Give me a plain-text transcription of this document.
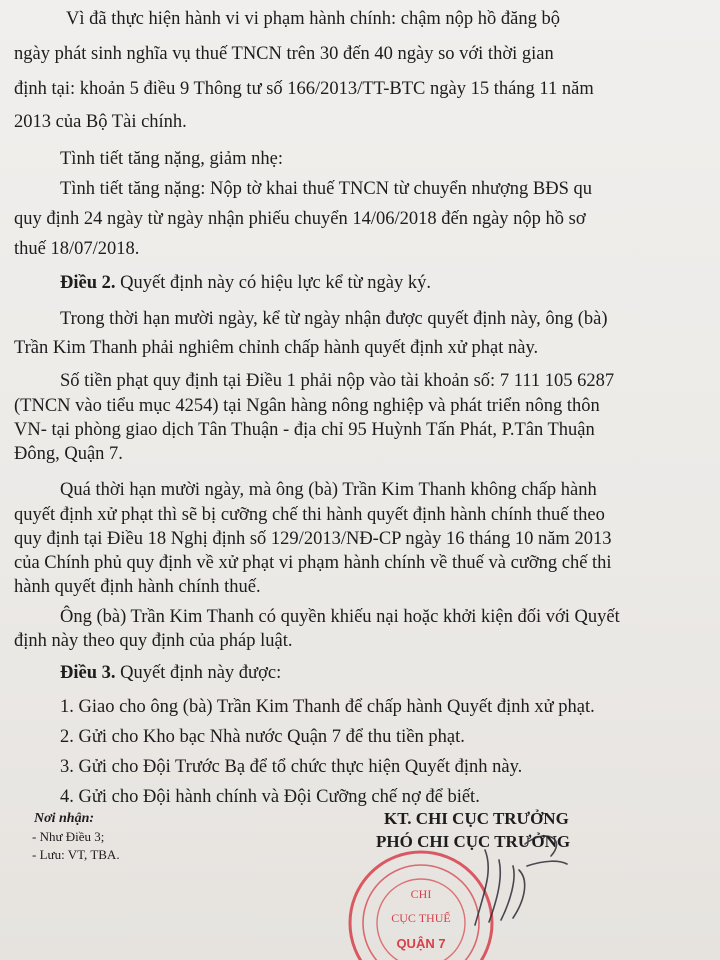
Vì đã thực hiện hành vi vi phạm hành chính: chậm nộp hồ đăng bộ

ngày phát sinh nghĩa vụ thuế TNCN trên 30 đến 40 ngày so với thời gian

định tại: khoản 5 điều 9 Thông tư số 166/2013/TT-BTC ngày 15 tháng 11 năm

2013 của Bộ Tài chính.

Tình tiết tăng nặng, giảm nhẹ:

Tình tiết tăng nặng: Nộp tờ khai thuế TNCN từ chuyển nhượng BĐS qu

quy định 24 ngày từ ngày nhận phiếu chuyển 14/06/2018 đến ngày nộp hồ sơ

thuế 18/07/2018.

Điều 2. Quyết định này có hiệu lực kể từ ngày ký.

Trong thời hạn mười ngày, kể từ ngày nhận được quyết định này, ông (bà)

Trần Kim Thanh phải nghiêm chỉnh chấp hành quyết định xử phạt này.

Số tiền phạt quy định tại Điều 1 phải nộp vào tài khoản số: 7 111 105 6287

(TNCN vào tiểu mục 4254) tại Ngân hàng nông nghiệp và phát triển nông thôn

VN- tại phòng giao dịch Tân Thuận - địa chỉ 95 Huỳnh Tấn Phát, P.Tân Thuận

Đông, Quận 7.

Quá thời hạn mười ngày, mà ông (bà) Trần Kim Thanh không chấp hành

quyết định xử phạt thì sẽ bị cưỡng chế thi hành quyết định hành chính thuế theo

quy định tại Điều 18 Nghị định số 129/2013/NĐ-CP ngày 16 tháng 10 năm 2013

của Chính phủ quy định về xử phạt vi phạm hành chính về thuế và cưỡng chế thi

hành quyết định hành chính thuế.

Ông (bà) Trần Kim Thanh có quyền khiếu nại hoặc khởi kiện đối với Quyết

định này theo quy định của pháp luật.

Điều 3. Quyết định này được:

1. Giao cho ông (bà) Trần Kim Thanh để chấp hành Quyết định xử phạt.

2. Gửi cho Kho bạc Nhà nước Quận 7 để thu tiền phạt.

3. Gửi cho Đội Trước Bạ để tổ chức thực hiện Quyết định này.

4. Gửi cho Đội hành chính và Đội Cưỡng chế nợ để biết.

Nơi nhận:

- Như Điều 3;

- Lưu: VT, TBA.

KT. CHI CỤC TRƯỞNG

PHÓ CHI CỤC TRƯỞNG

CHI
CỤC THUẾ
QUẬN 7
